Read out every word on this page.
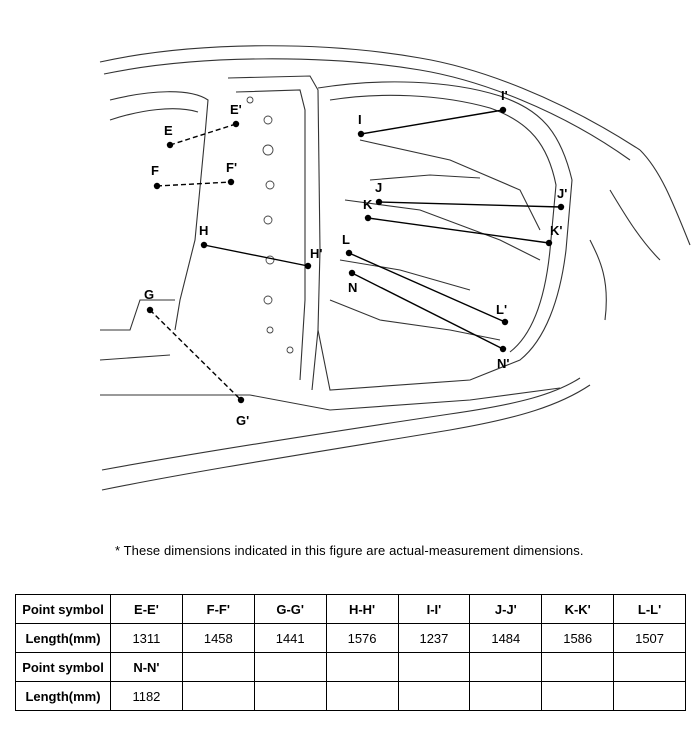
E
E'
F	F'
G
G'
H
H'
I
I'
J	J'
K
K'
L
L'
N
N'
* These dimensions indicated in this figure are actual-measurement dimensions.
Point symbol	E-E'	F-F'	G-G'	H-H'	I-I'	J-J'	K-K'	L-L'
Length(mm)	1311	1458	1441	1576	1237	1484	1586	1507
Point symbol	N-N'							
Length(mm)	1182							
